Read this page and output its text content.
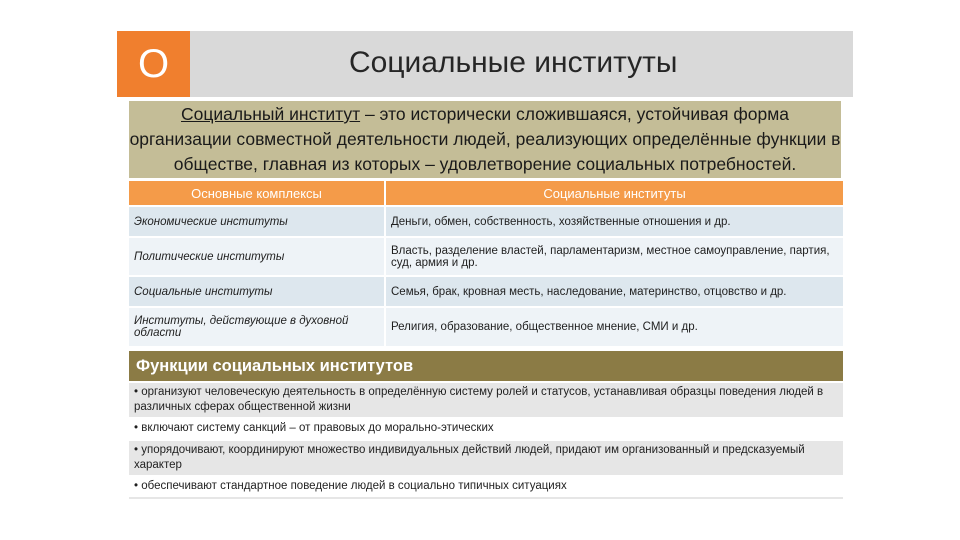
О	Социальные институты
Социальный институт – это исторически сложившаяся, устойчивая форма организации совместной деятельности людей, реализующих определённые функции в обществе, главная из которых – удовлетворение социальных потребностей.
Основные комплексы	Социальные институты
Экономические институты	Деньги, обмен, собственность, хозяйственные отношения и др.
Политические институты	Власть, разделение властей, парламентаризм, местное самоуправление, партия, суд, армия и др.
Социальные институты	Семья, брак, кровная месть, наследование, материнство, отцовство и др.
Институты, действующие в духовной области	Религия, образование, общественное мнение, СМИ и др.
Функции социальных институтов
• организуют человеческую деятельность в определённую систему ролей и статусов, устанавливая образцы поведения людей в различных сферах общественной жизни
• включают систему санкций – от правовых до морально-этических
• упорядочивают, координируют множество индивидуальных действий людей, придают им организованный и предсказуемый характер
• обеспечивают стандартное поведение людей в социально типичных ситуациях
